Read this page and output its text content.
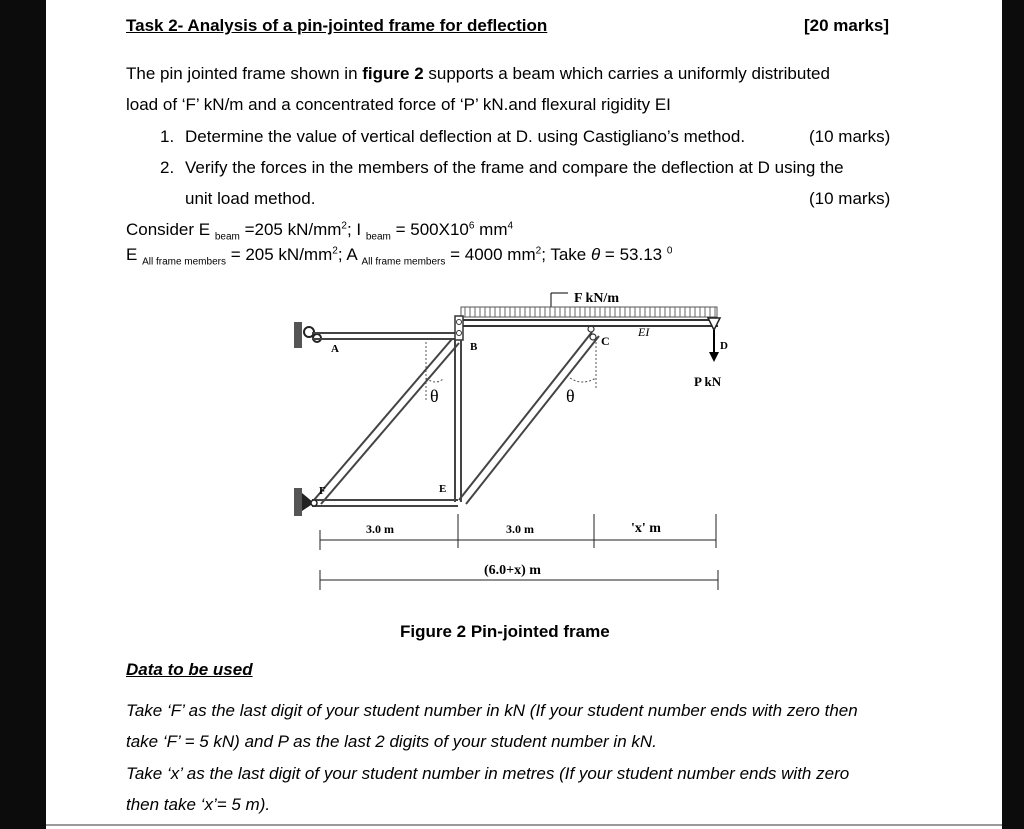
Task 2- Analysis of a pin-jointed frame for deflection	[20 marks]
The pin jointed frame shown in figure 2 supports a beam which carries a uniformly distributed
load of ‘F’ kN/m and a concentrated force of ‘P’ kN.and flexural rigidity EI
1. Determine the value of vertical deflection at D. using Castigliano’s method.	(10 marks)
2. Verify the forces in the members of the frame and compare the deflection at D using the
unit load method.	(10 marks)
Consider E $_{beam}$ =205 $kN/mm^2$; I $_{beam} = 500X10^6$ $mm^4$
E $_{All frame members}$ = 205 $kN/mm^2$; A $_{All frame members}$ = 4000 $mm^2$; Take θ = 53.13 $^0$
F kN/m
A	B	C	D
E
F
EI
θ	θ
P kN
3.0 m	3.0 m	'x' m
(6.0+x) m
Figure 2 Pin-jointed frame
Data to be used
Take ‘F’ as the last digit of your student number in kN (If your student number ends with zero then
take ‘F’ = 5 kN) and P as the last 2 digits of your student number in kN.
Take ‘x’ as the last digit of your student number in metres (If your student number ends with zero
then take ‘x’= 5 m).
